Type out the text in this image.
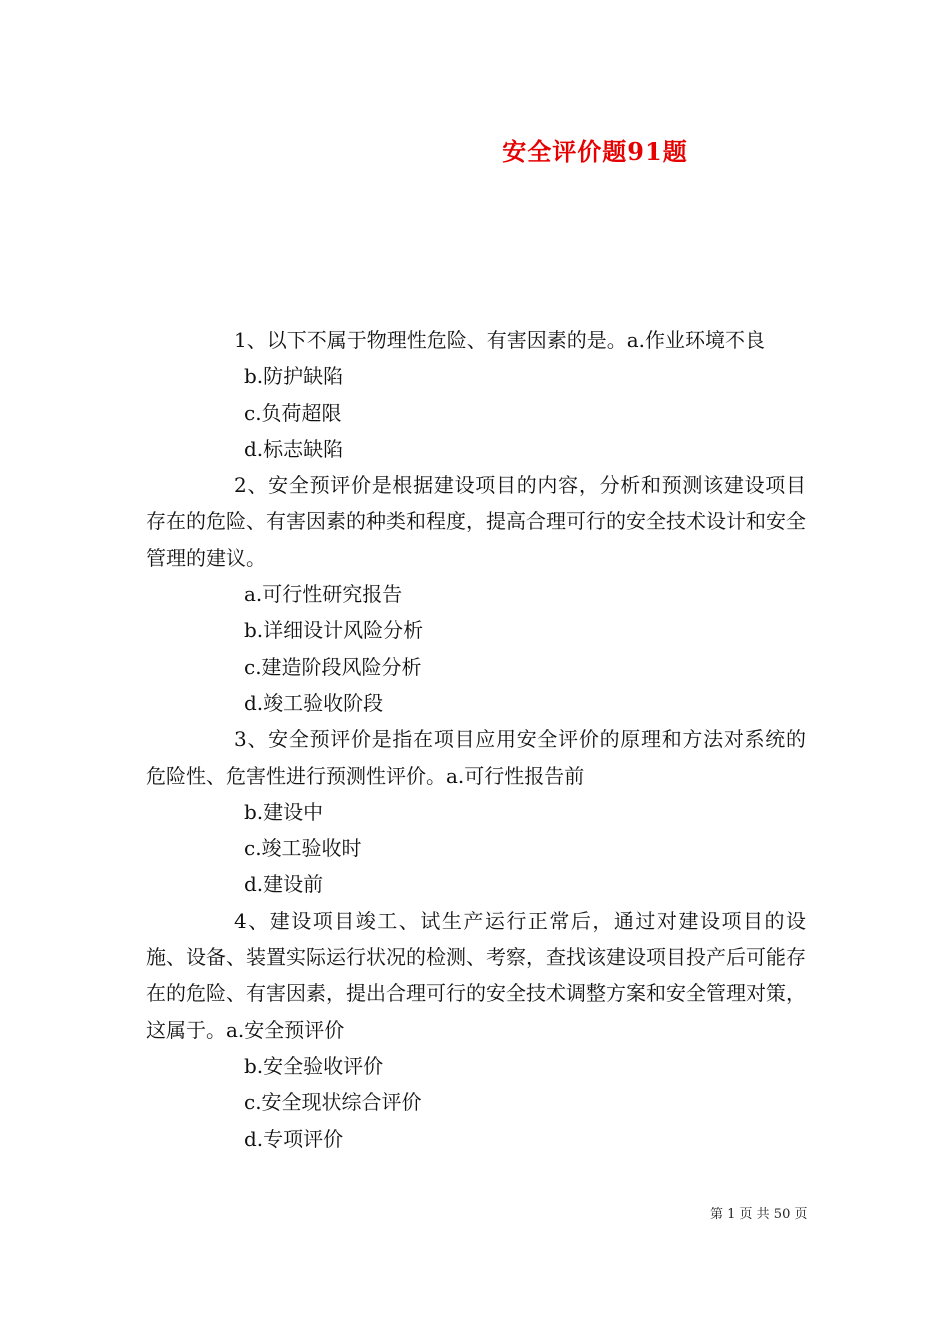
安全评价题91题

1、以下不属于物理性危险、有害因素的是。a.作业环境不良

b.防护缺陷

c.负荷超限

d.标志缺陷

2、安全预评价是根据建设项目的内容，分析和预测该建设项目存在的危险、有害因素的种类和程度，提高合理可行的安全技术设计和安全管理的建议。

a.可行性研究报告

b.详细设计风险分析

c.建造阶段风险分析

d.竣工验收阶段

3、安全预评价是指在项目应用安全评价的原理和方法对系统的危险性、危害性进行预测性评价。a.可行性报告前

b.建设中

c.竣工验收时

d.建设前

4、建设项目竣工、试生产运行正常后，通过对建设项目的设施、设备、装置实际运行状况的检测、考察，查找该建设项目投产后可能存在的危险、有害因素，提出合理可行的安全技术调整方案和安全管理对策，这属于。a.安全预评价

b.安全验收评价

c.安全现状综合评价

d.专项评价

第 1 页 共 50 页
